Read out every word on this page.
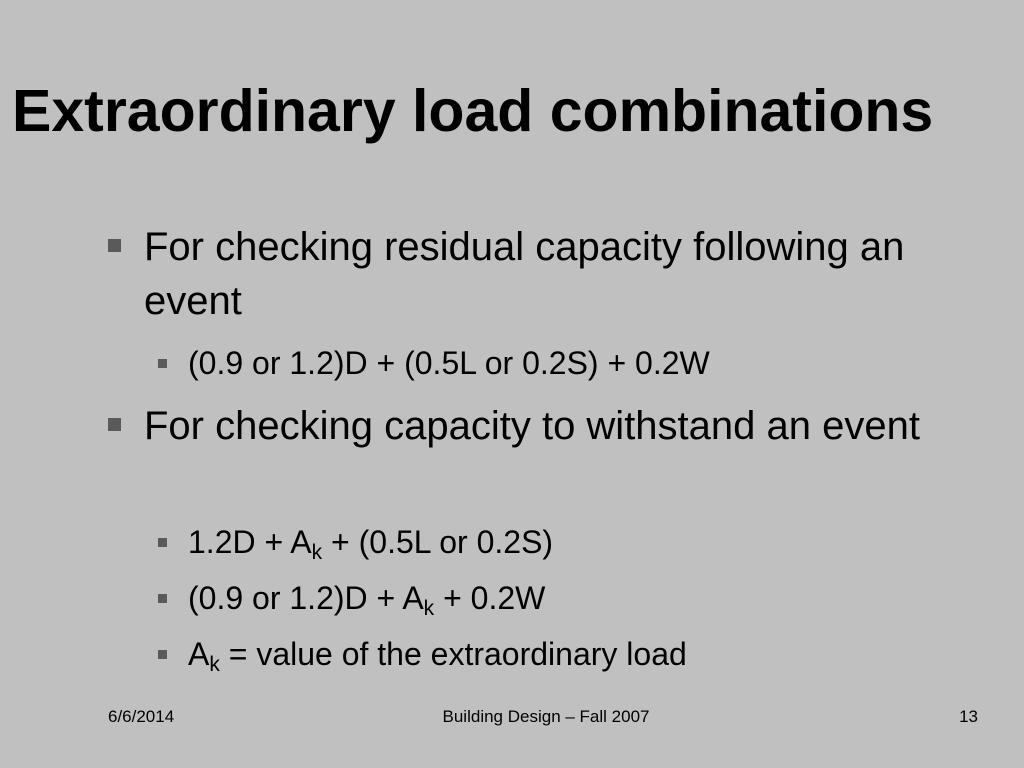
Extraordinary load combinations
For checking residual capacity following an event
(0.9 or 1.2)D + (0.5L or 0.2S) + 0.2W
For checking capacity to withstand an event
$1.2D + A_k + (0.5L$ or 0.2S)
(0.9 or $1.2)D + A_k + 0.2W$
$A_k$ = value of the extraordinary load
6/6/2014	Building Design – Fall 2007	13
